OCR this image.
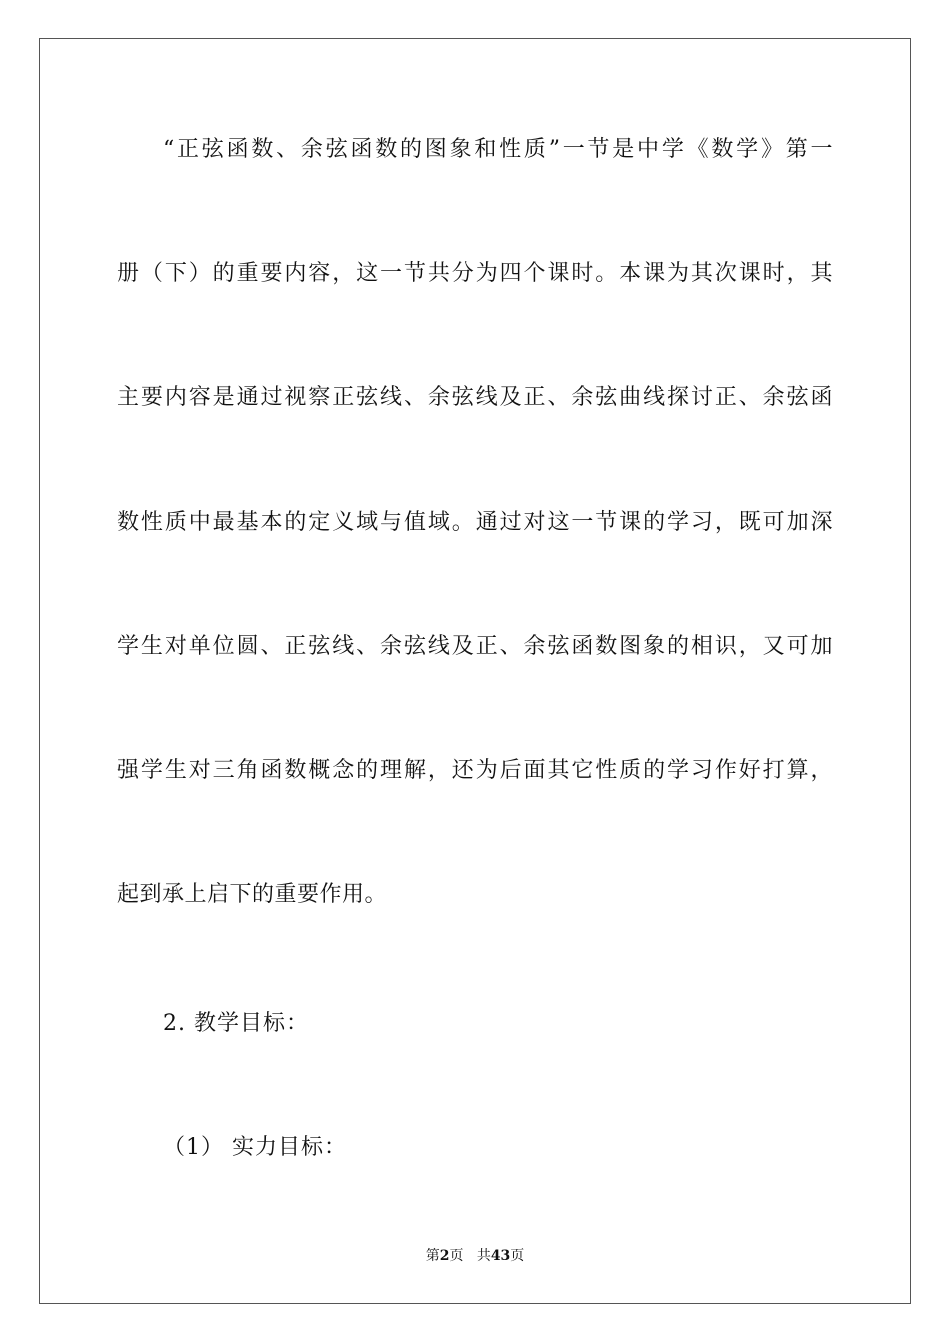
“正弦函数、余弦函数的图象和性质”一节是中学《数学》第一
册（下）的重要内容，这一节共分为四个课时。本课为其次课时，其
主要内容是通过视察正弦线、余弦线及正、余弦曲线探讨正、余弦函
数性质中最基本的定义域与值域。通过对这一节课的学习，既可加深
学生对单位圆、正弦线、余弦线及正、余弦函数图象的相识，又可加
强学生对三角函数概念的理解，还为后面其它性质的学习作好打算，
起到承上启下的重要作用。
2. 教学目标：
（1） 实力目标：
第2页 共43页
